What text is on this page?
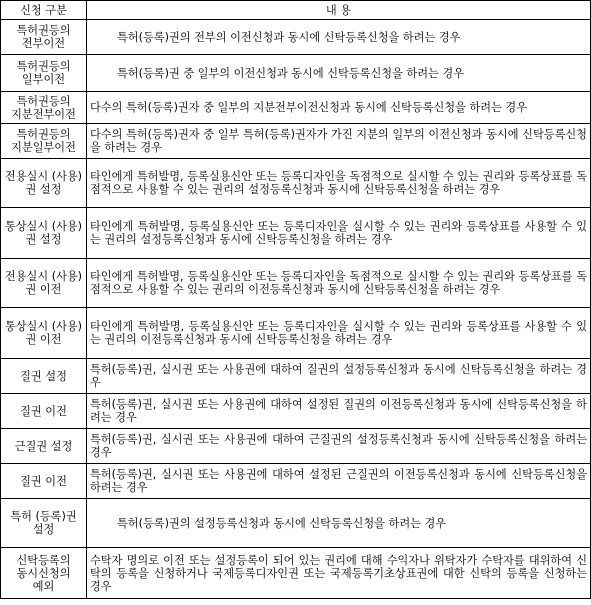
신청 구분	내 용
특허권등의 전부이전	특허(등록)권의 전부의 이전신청과 동시에 신탁등록신청을 하려는 경우
특허권등의 일부이전	특허(등록)권 중 일부의 이전신청과 동시에 신탁등록신청을 하려는 경우
특허권등의 지분전부이전	다수의 특허(등록)권자 중 일부의 지분전부이전신청과 동시에 신탁등록신청을 하려는 경우
특허권등의 지분일부이전	다수의 특허(등록)권자 중 일부 특허(등록)권자가 가진 지분의 일부의 이전신청과 동시에 신탁등록신청을 하려는 경우
전용실시 (사용)권 설정	타인에게 특허발명, 등록실용신안 또는 등록디자인을 독점적으로 실시할 수 있는 권리와 등록상표를 독점적으로 사용할 수 있는 권리의 설정등록신청과 동시에 신탁등록신청을 하려는 경우
통상실시 (사용)권 설정	타인에게 특허발명, 등록실용신안 또는 등록디자인을 실시할 수 있는 권리와 등록상표를 사용할 수 있는 권리의 설정등록신청과 동시에 신탁등록신청을 하려는 경우
전용실시 (사용)권 이전	타인에게 특허발명, 등록실용신안 또는 등록디자인을 독점적으로 실시할 수 있는 권리와 등록상표를 독점적으로 사용할 수 있는 권리의 이전등록신청과 동시에 신탁등록신청을 하려는 경우
통상실시 (사용)권 이전	타인에게 특허발명, 등록실용신안 또는 등록디자인을 실시할 수 있는 권리와 등록상표를 사용할 수 있는 권리의 이전등록신청과 동시에 신탁등록신청을 하려는 경우
질권 설정	특허(등록)권, 실시권 또는 사용권에 대하여 질권의 설정등록신청과 동시에 신탁등록신청을 하려는 경우
질권 이전	특허(등록)권, 실시권 또는 사용권에 대하여 설정된 질권의 이전등록신청과 동시에 신탁등록신청을 하려는 경우
근질권 설정	특허(등록)권, 실시권 또는 사용권에 대하여 근질권의 설정등록신청과 동시에 신탁등록신청을 하려는 경우
질권 이전	특허(등록)권, 실시권 또는 사용권에 대하여 설정된 근질권의 이전등록신청과 동시에 신탁등록신청을 하려는 경우
특허 (등록)권 설정	특허(등록)권의 설정등록신청과 동시에 신탁등록신청을 하려는 경우
신탁등록의 동시신청의 예외	수탁자 명의로 이전 또는 설정등록이 되어 있는 권리에 대해 수익자나 위탁자가 수탁자를 대위하여 신탁의 등록을 신청하거나 국제등록디자인권 또는 국제등록기초상표권에 대한 신탁의 등록을 신청하는 경우
